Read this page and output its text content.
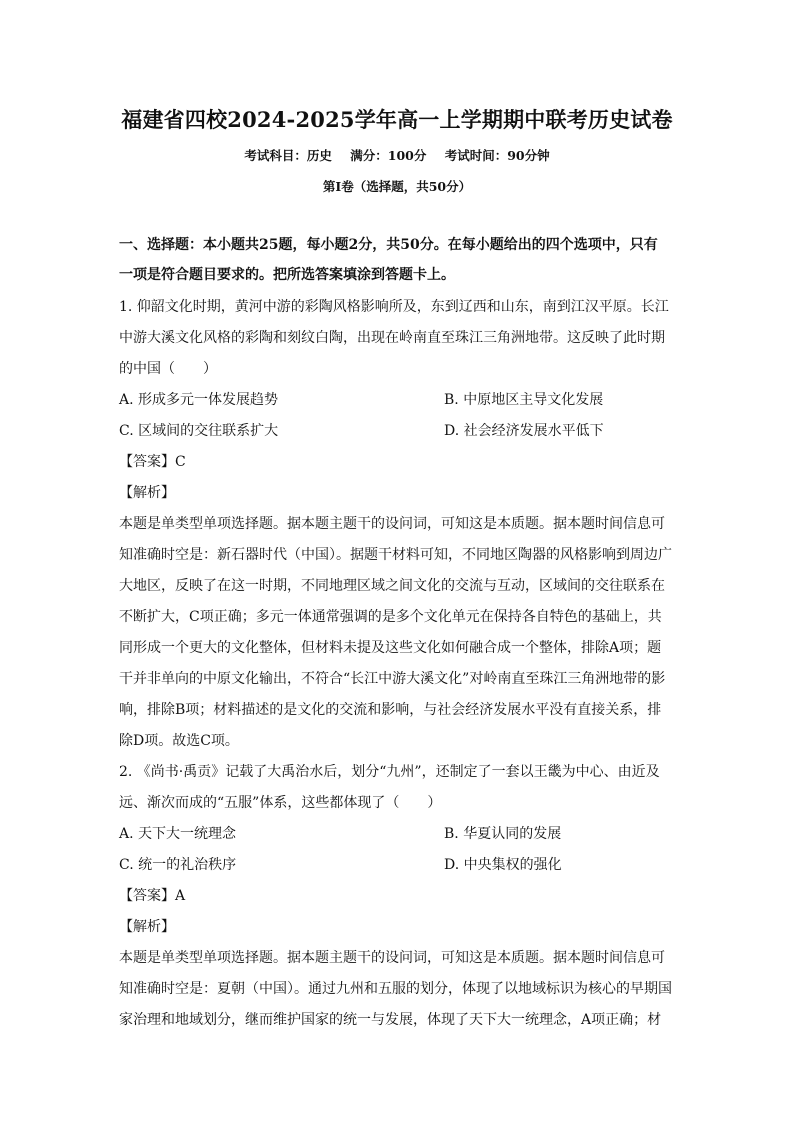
福建省四校2024-2025学年高一上学期期中联考历史试卷
考试科目：历史 满分：100分 考试时间：90分钟
第I卷（选择题，共50分）
一、选择题：本小题共25题，每小题2分，共50分。在每小题给出的四个选项中，只有
一项是符合题目要求的。把所选答案填涂到答题卡上。
1. 仰韶文化时期，黄河中游的彩陶风格影响所及，东到辽西和山东，南到江汉平原。长江
中游大溪文化风格的彩陶和刻纹白陶，出现在岭南直至珠江三角洲地带。这反映了此时期
的中国（　　）
A. 形成多元一体发展趋势	B. 中原地区主导文化发展
C. 区域间的交往联系扩大	D. 社会经济发展水平低下
【答案】C
【解析】
本题是单类型单项选择题。据本题主题干的设问词，可知这是本质题。据本题时间信息可
知准确时空是：新石器时代（中国）。据题干材料可知，不同地区陶器的风格影响到周边广
大地区，反映了在这一时期，不同地理区域之间文化的交流与互动，区域间的交往联系在
不断扩大，C项正确；多元一体通常强调的是多个文化单元在保持各自特色的基础上，共
同形成一个更大的文化整体，但材料未提及这些文化如何融合成一个整体，排除A项；题
干并非单向的中原文化输出，不符合“长江中游大溪文化”对岭南直至珠江三角洲地带的影
响，排除B项；材料描述的是文化的交流和影响，与社会经济发展水平没有直接关系，排
除D项。故选C项。
2. 《尚书·禹贡》记载了大禹治水后，划分“九州”，还制定了一套以王畿为中心、由近及
远、渐次而成的“五服”体系，这些都体现了（　　）
A. 天下大一统理念	B. 华夏认同的发展
C. 统一的礼治秩序	D. 中央集权的强化
【答案】A
【解析】
本题是单类型单项选择题。据本题主题干的设问词，可知这是本质题。据本题时间信息可
知准确时空是：夏朝（中国）。通过九州和五服的划分，体现了以地域标识为核心的早期国
家治理和地域划分，继而维护国家的统一与发展，体现了天下大一统理念，A项正确；材
